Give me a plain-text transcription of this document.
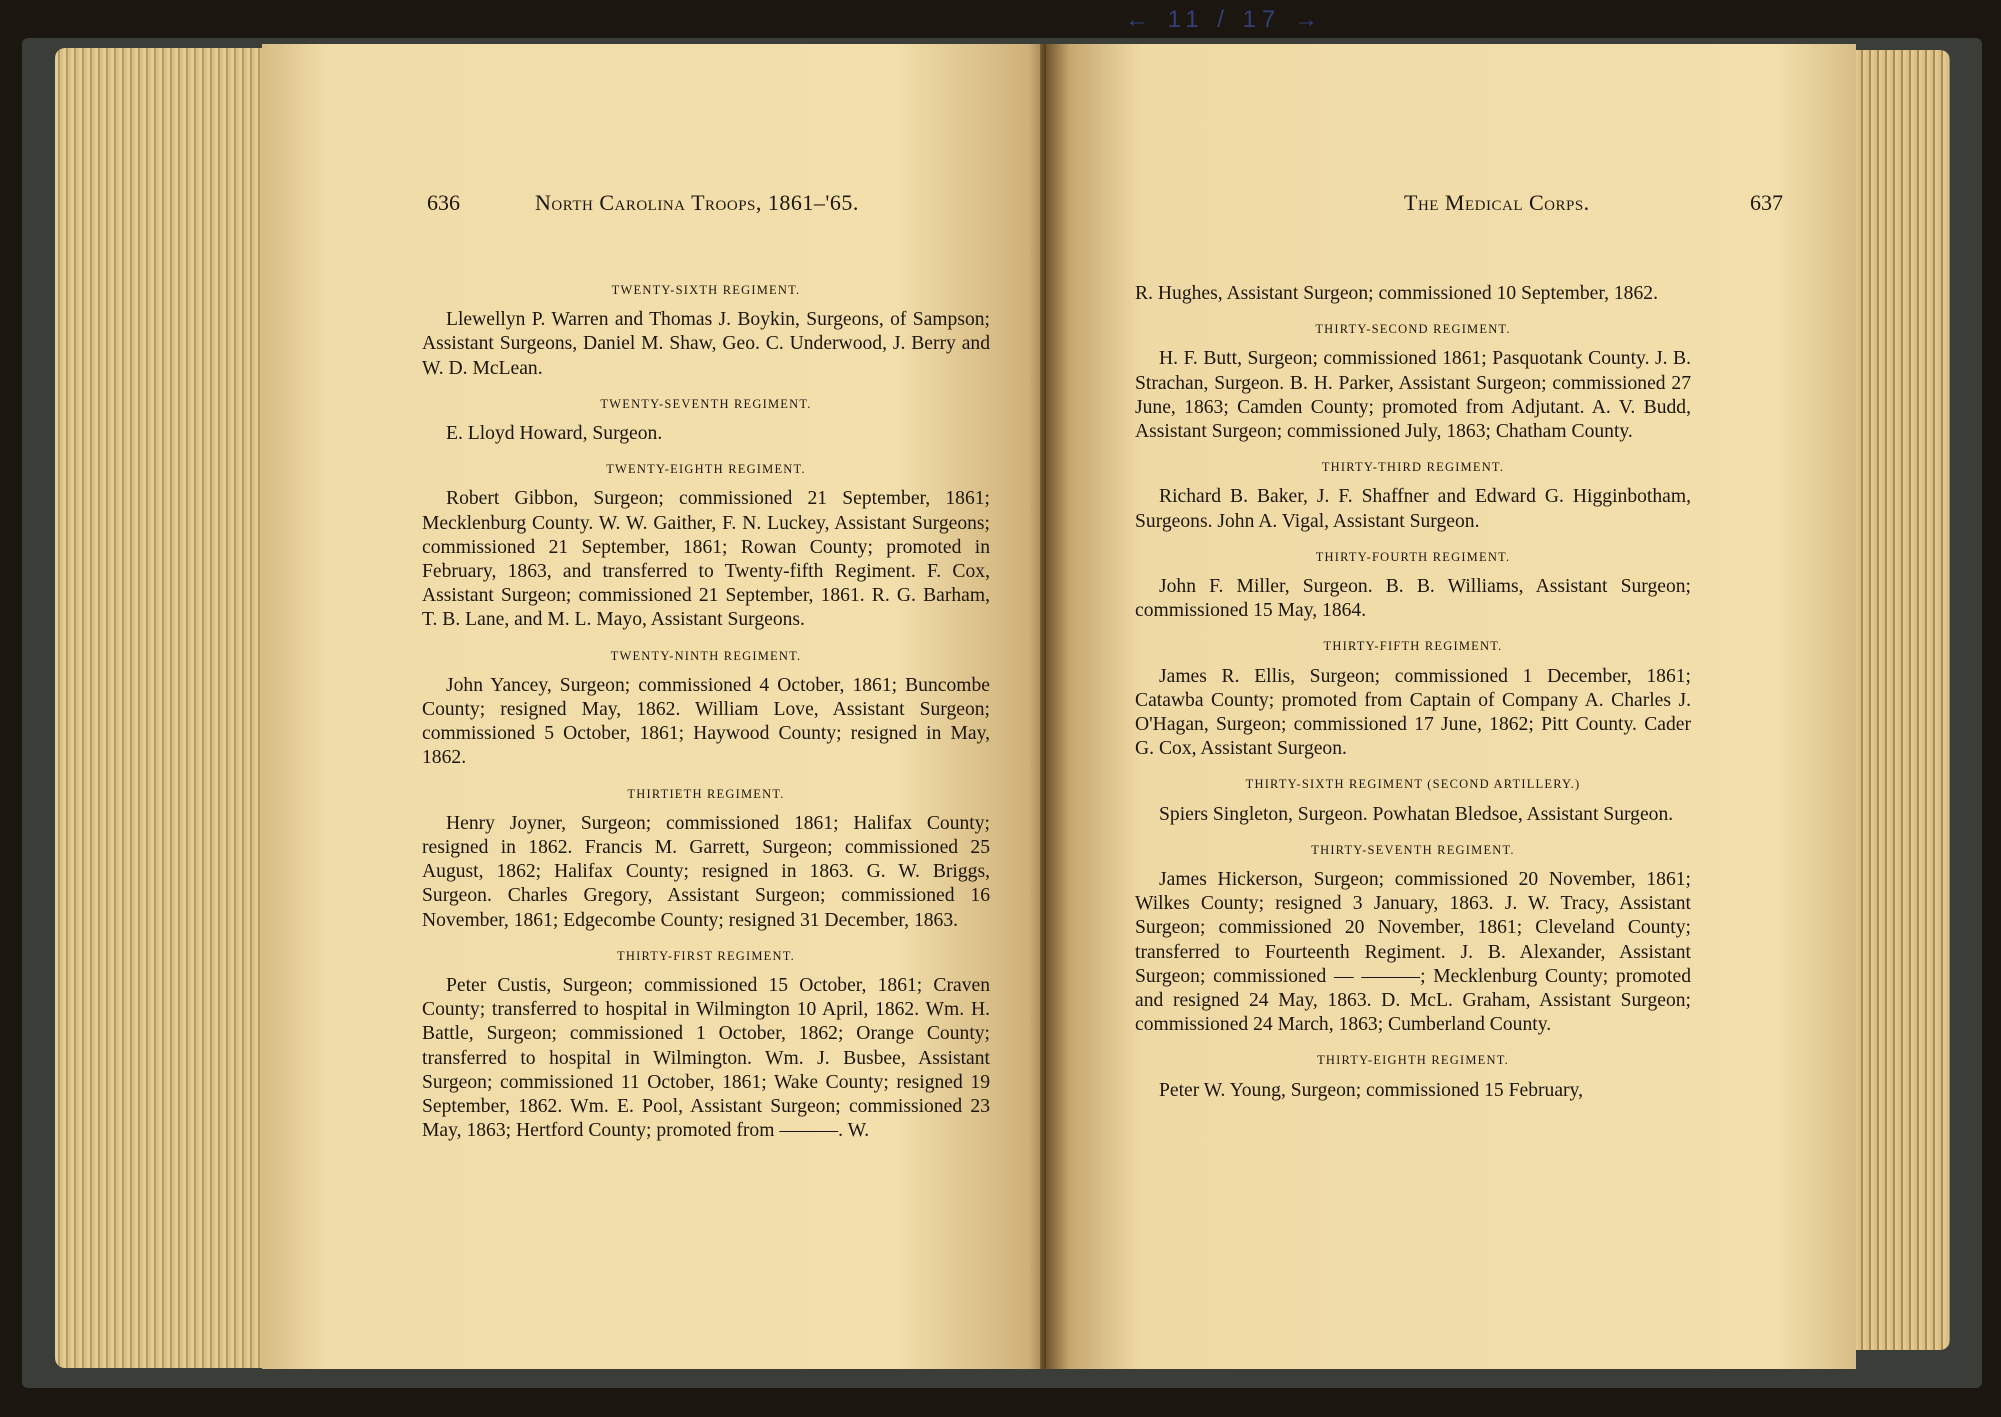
← 11 / 17 →
636	North Carolina Troops, 1861–'65.
TWENTY-SIXTH REGIMENT.

Llewellyn P. Warren and Thomas J. Boykin, Surgeons, of Sampson; Assistant Surgeons, Daniel M. Shaw, Geo. C. Underwood, J. Berry and W. D. McLean.

TWENTY-SEVENTH REGIMENT.

E. Lloyd Howard, Surgeon.

TWENTY-EIGHTH REGIMENT.

Robert Gibbon, Surgeon; commissioned 21 September, 1861; Mecklenburg County. W. W. Gaither, F. N. Luckey, Assistant Surgeons; commissioned 21 September, 1861; Rowan County; promoted in February, 1863, and transferred to Twenty-fifth Regiment. F. Cox, Assistant Surgeon; commissioned 21 September, 1861. R. G. Barham, T. B. Lane, and M. L. Mayo, Assistant Surgeons.

TWENTY-NINTH REGIMENT.

John Yancey, Surgeon; commissioned 4 October, 1861; Buncombe County; resigned May, 1862. William Love, Assistant Surgeon; commissioned 5 October, 1861; Haywood County; resigned in May, 1862.

THIRTIETH REGIMENT.

Henry Joyner, Surgeon; commissioned 1861; Halifax County; resigned in 1862. Francis M. Garrett, Surgeon; commissioned 25 August, 1862; Halifax County; resigned in 1863. G. W. Briggs, Surgeon. Charles Gregory, Assistant Surgeon; commissioned 16 November, 1861; Edgecombe County; resigned 31 December, 1863.

THIRTY-FIRST REGIMENT.

Peter Custis, Surgeon; commissioned 15 October, 1861; Craven County; transferred to hospital in Wilmington 10 April, 1862. Wm. H. Battle, Surgeon; commissioned 1 October, 1862; Orange County; transferred to hospital in Wilmington. Wm. J. Busbee, Assistant Surgeon; commissioned 11 October, 1861; Wake County; resigned 19 September, 1862. Wm. E. Pool, Assistant Surgeon; commissioned 23 May, 1863; Hertford County; promoted from ———. W.

The Medical Corps.	637

R. Hughes, Assistant Surgeon; commissioned 10 September, 1862.

THIRTY-SECOND REGIMENT.

H. F. Butt, Surgeon; commissioned 1861; Pasquotank County. J. B. Strachan, Surgeon. B. H. Parker, Assistant Surgeon; commissioned 27 June, 1863; Camden County; promoted from Adjutant. A. V. Budd, Assistant Surgeon; commissioned July, 1863; Chatham County.

THIRTY-THIRD REGIMENT.

Richard B. Baker, J. F. Shaffner and Edward G. Higginbotham, Surgeons. John A. Vigal, Assistant Surgeon.

THIRTY-FOURTH REGIMENT.

John F. Miller, Surgeon. B. B. Williams, Assistant Surgeon; commissioned 15 May, 1864.

THIRTY-FIFTH REGIMENT.

James R. Ellis, Surgeon; commissioned 1 December, 1861; Catawba County; promoted from Captain of Company A. Charles J. O'Hagan, Surgeon; commissioned 17 June, 1862; Pitt County. Cader G. Cox, Assistant Surgeon.

THIRTY-SIXTH REGIMENT (SECOND ARTILLERY.)

Spiers Singleton, Surgeon. Powhatan Bledsoe, Assistant Surgeon.

THIRTY-SEVENTH REGIMENT.

James Hickerson, Surgeon; commissioned 20 November, 1861; Wilkes County; resigned 3 January, 1863. J. W. Tracy, Assistant Surgeon; commissioned 20 November, 1861; Cleveland County; transferred to Fourteenth Regiment. J. B. Alexander, Assistant Surgeon; commissioned — ———; Mecklenburg County; promoted and resigned 24 May, 1863. D. McL. Graham, Assistant Surgeon; commissioned 24 March, 1863; Cumberland County.

THIRTY-EIGHTH REGIMENT.

Peter W. Young, Surgeon; commissioned 15 February,
